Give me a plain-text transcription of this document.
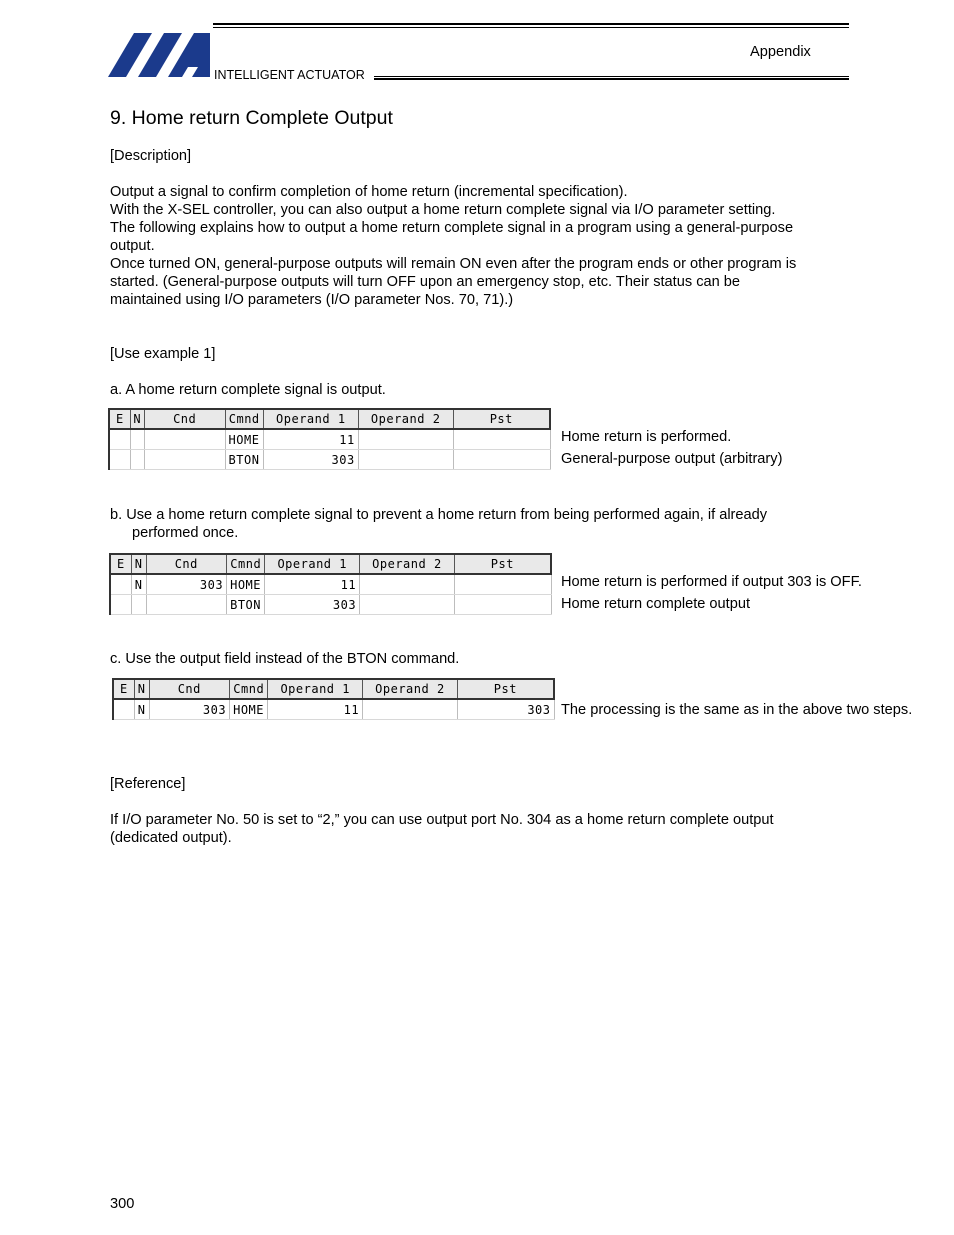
INTELLIGENT ACTUATOR
Appendix
9. Home return Complete Output
[Description]
Output a signal to confirm completion of home return (incremental specification).
With the X-SEL controller, you can also output a home return complete signal via I/O parameter setting.
The following explains how to output a home return complete signal in a program using a general-purpose
output.
Once turned ON, general-purpose outputs will remain ON even after the program ends or other program is
started. (General-purpose outputs will turn OFF upon an emergency stop, etc. Their status can be
maintained using I/O parameters (I/O parameter Nos. 70, 71).)
[Use example 1]
a. A home return complete signal is output.
E	N	Cnd	Cmnd	Operand 1	Operand 2	Pst
			HOME	11		
			BTON	303		
Home return is performed.
General-purpose output (arbitrary)
b. Use a home return complete signal to prevent a home return from being performed again, if already
performed once.
E	N	Cnd	Cmnd	Operand 1	Operand 2	Pst
	N	303	HOME	11		
			BTON	303		
Home return is performed if output 303 is OFF.
Home return complete output
c. Use the output field instead of the BTON command.
E	N	Cnd	Cmnd	Operand 1	Operand 2	Pst
	N	303	HOME	11		303 The processing is the same as in the above two steps.
[Reference]
If I/O parameter No. 50 is set to “2,” you can use output port No. 304 as a home return complete output
(dedicated output).
300
